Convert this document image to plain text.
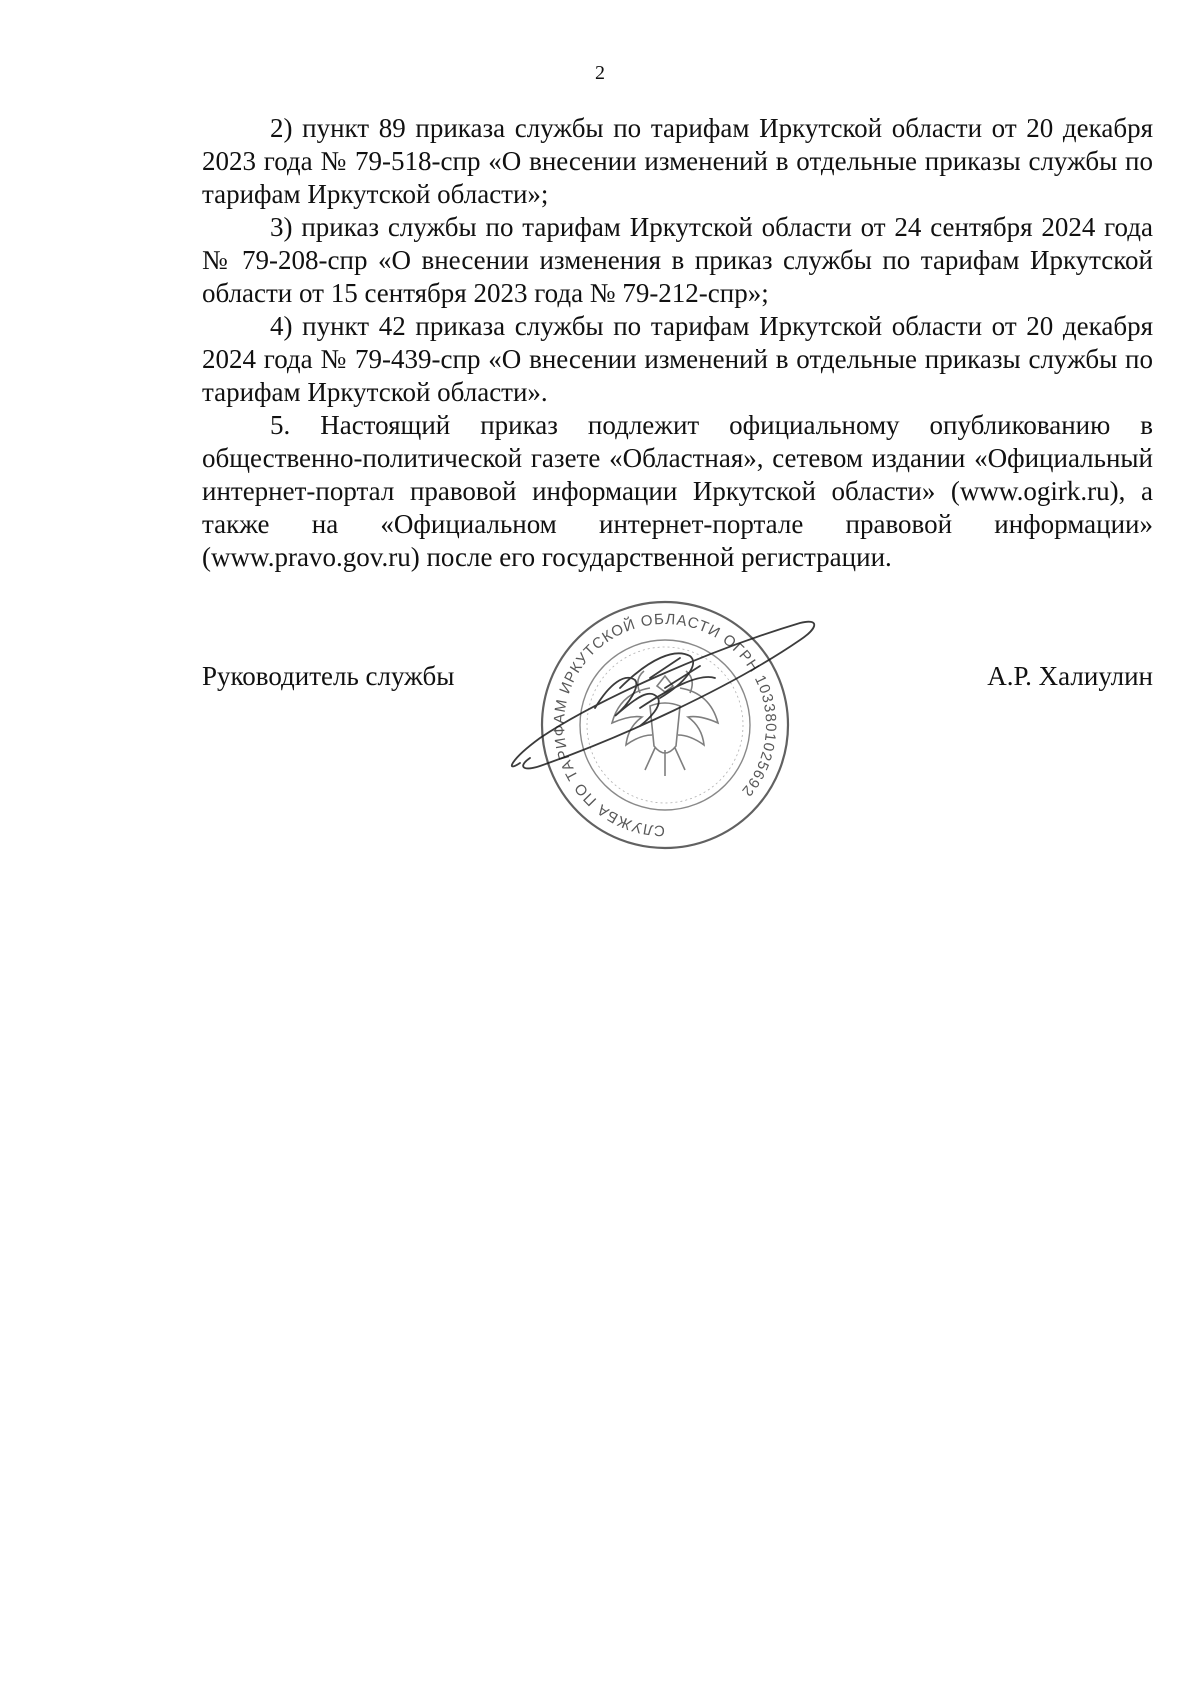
2

2) пункт 89 приказа службы по тарифам Иркутской области от 20 декабря 2023 года № 79-518-спр «О внесении изменений в отдельные приказы службы по тарифам Иркутской области»;

3) приказ службы по тарифам Иркутской области от 24 сентября 2024 года № 79-208-спр «О внесении изменения в приказ службы по тарифам Иркутской области от 15 сентября 2023 года № 79-212-спр»;

4) пункт 42 приказа службы по тарифам Иркутской области от 20 декабря 2024 года № 79-439-спр «О внесении изменений в отдельные приказы службы по тарифам Иркутской области».

5. Настоящий приказ подлежит официальному опубликованию в общественно-политической газете «Областная», сетевом издании «Официальный интернет-портал правовой информации Иркутской области» (www.ogirk.ru), а также на «Официальном интернет-портале правовой информации» (www.pravo.gov.ru) после его государственной регистрации.

СЛУЖБА ПО ТАРИФАМ ИРКУТСКОЙ ОБЛАСТИ ОГРН 1033801025692
Руководитель службы	А.Р. Халиулин
